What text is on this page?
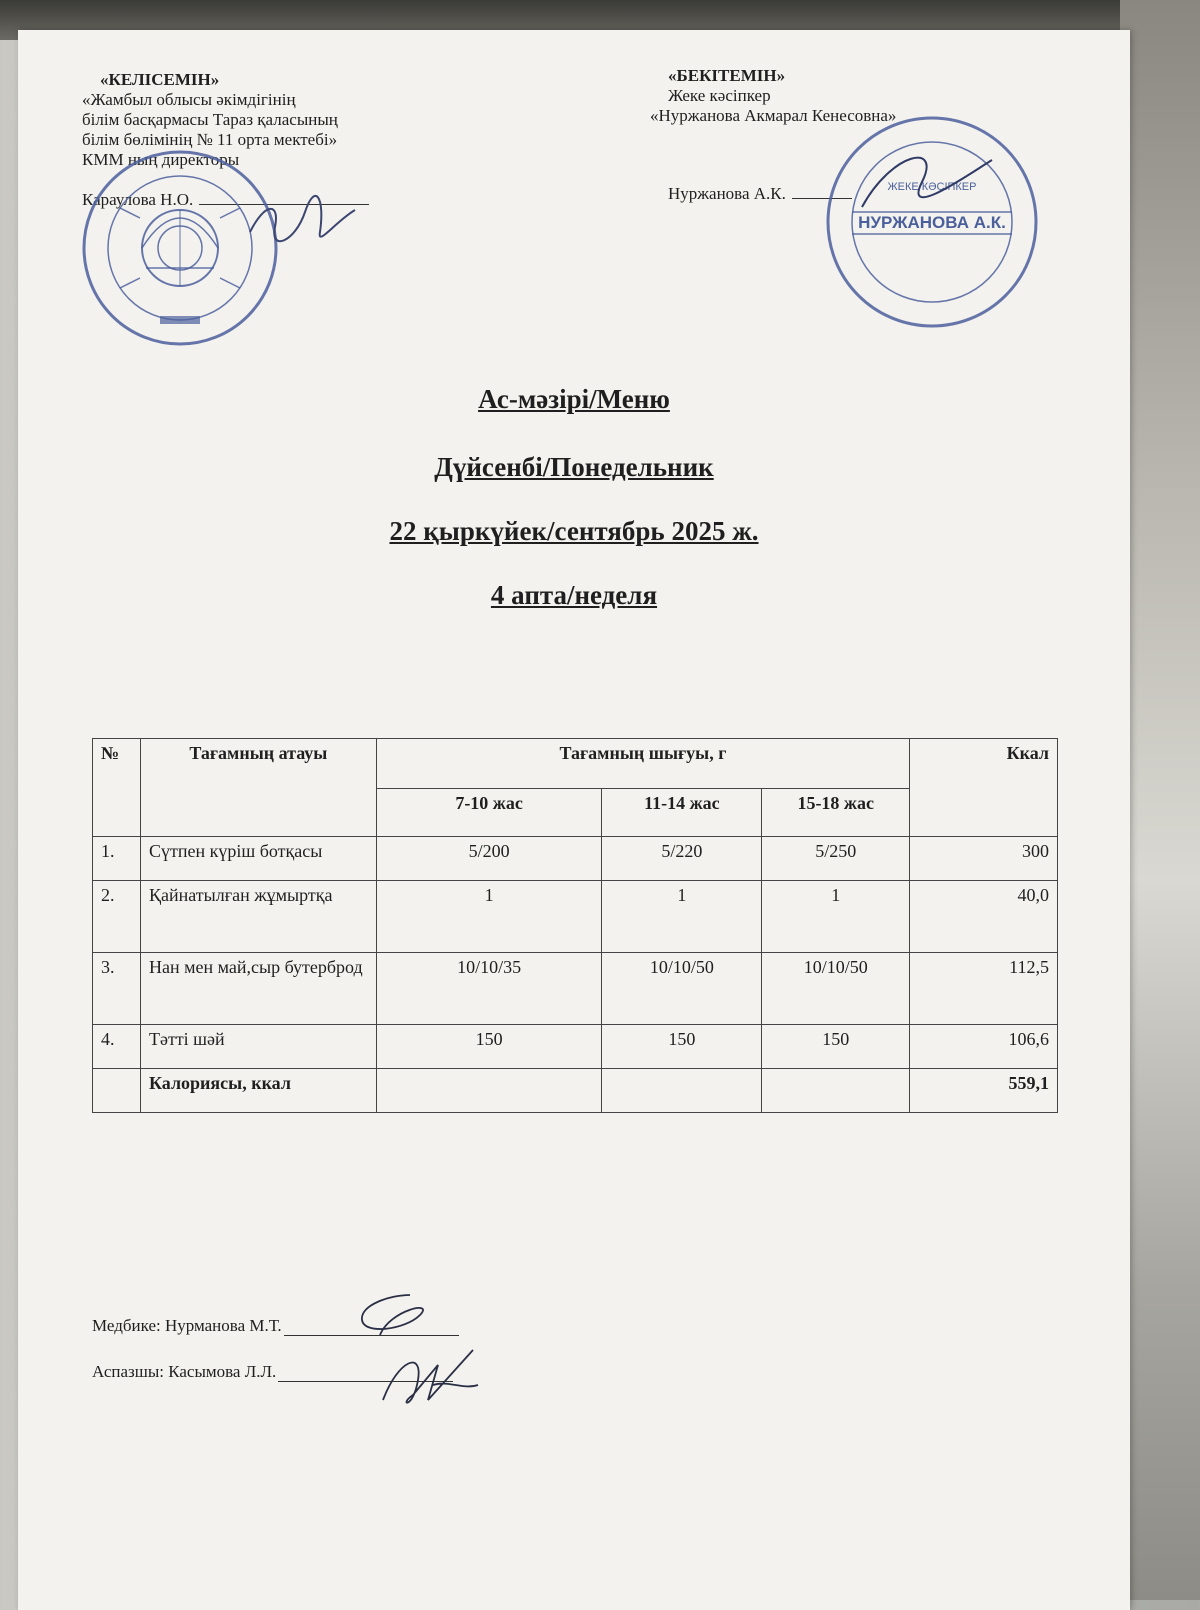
«КЕЛІСЕМІН»
«Жамбыл облысы әкімдігінің
білім басқармасы Тараз қаласының
білім бөлімінің № 11 орта мектебі»
КММ ның директоры
Караулова Н.О.
«БЕКІТЕМІН»
Жеке кәсіпкер
«Нуржанова Акмарал Кенесовна»
Нуржанова А.К.	ЖЕКЕ КӘСІПКЕР
НУРЖАНОВА А.К.
Ас-мәзірі/Меню
Дүйсенбі/Понедельник
22 қыркүйек/сентябрь 2025 ж.
4 апта/неделя
№	Тағамның атауы	Тағамның шығуы, г			Ккал
		7-10 жас	11-14 жас	15-18 жас	
1.	Сүтпен күріш ботқасы	5/200	5/220	5/250	300
2.	Қайнатылған жұмыртқа	1	1	1	40,0
3.	Нан мен май,сыр бутерброд	10/10/35	10/10/50	10/10/50	112,5
4.	Тәтті шәй	150	150	150	106,6
	Калориясы, ккал				559,1
Медбике: Нурманова М.Т.
Аспазшы: Касымова Л.Л.
